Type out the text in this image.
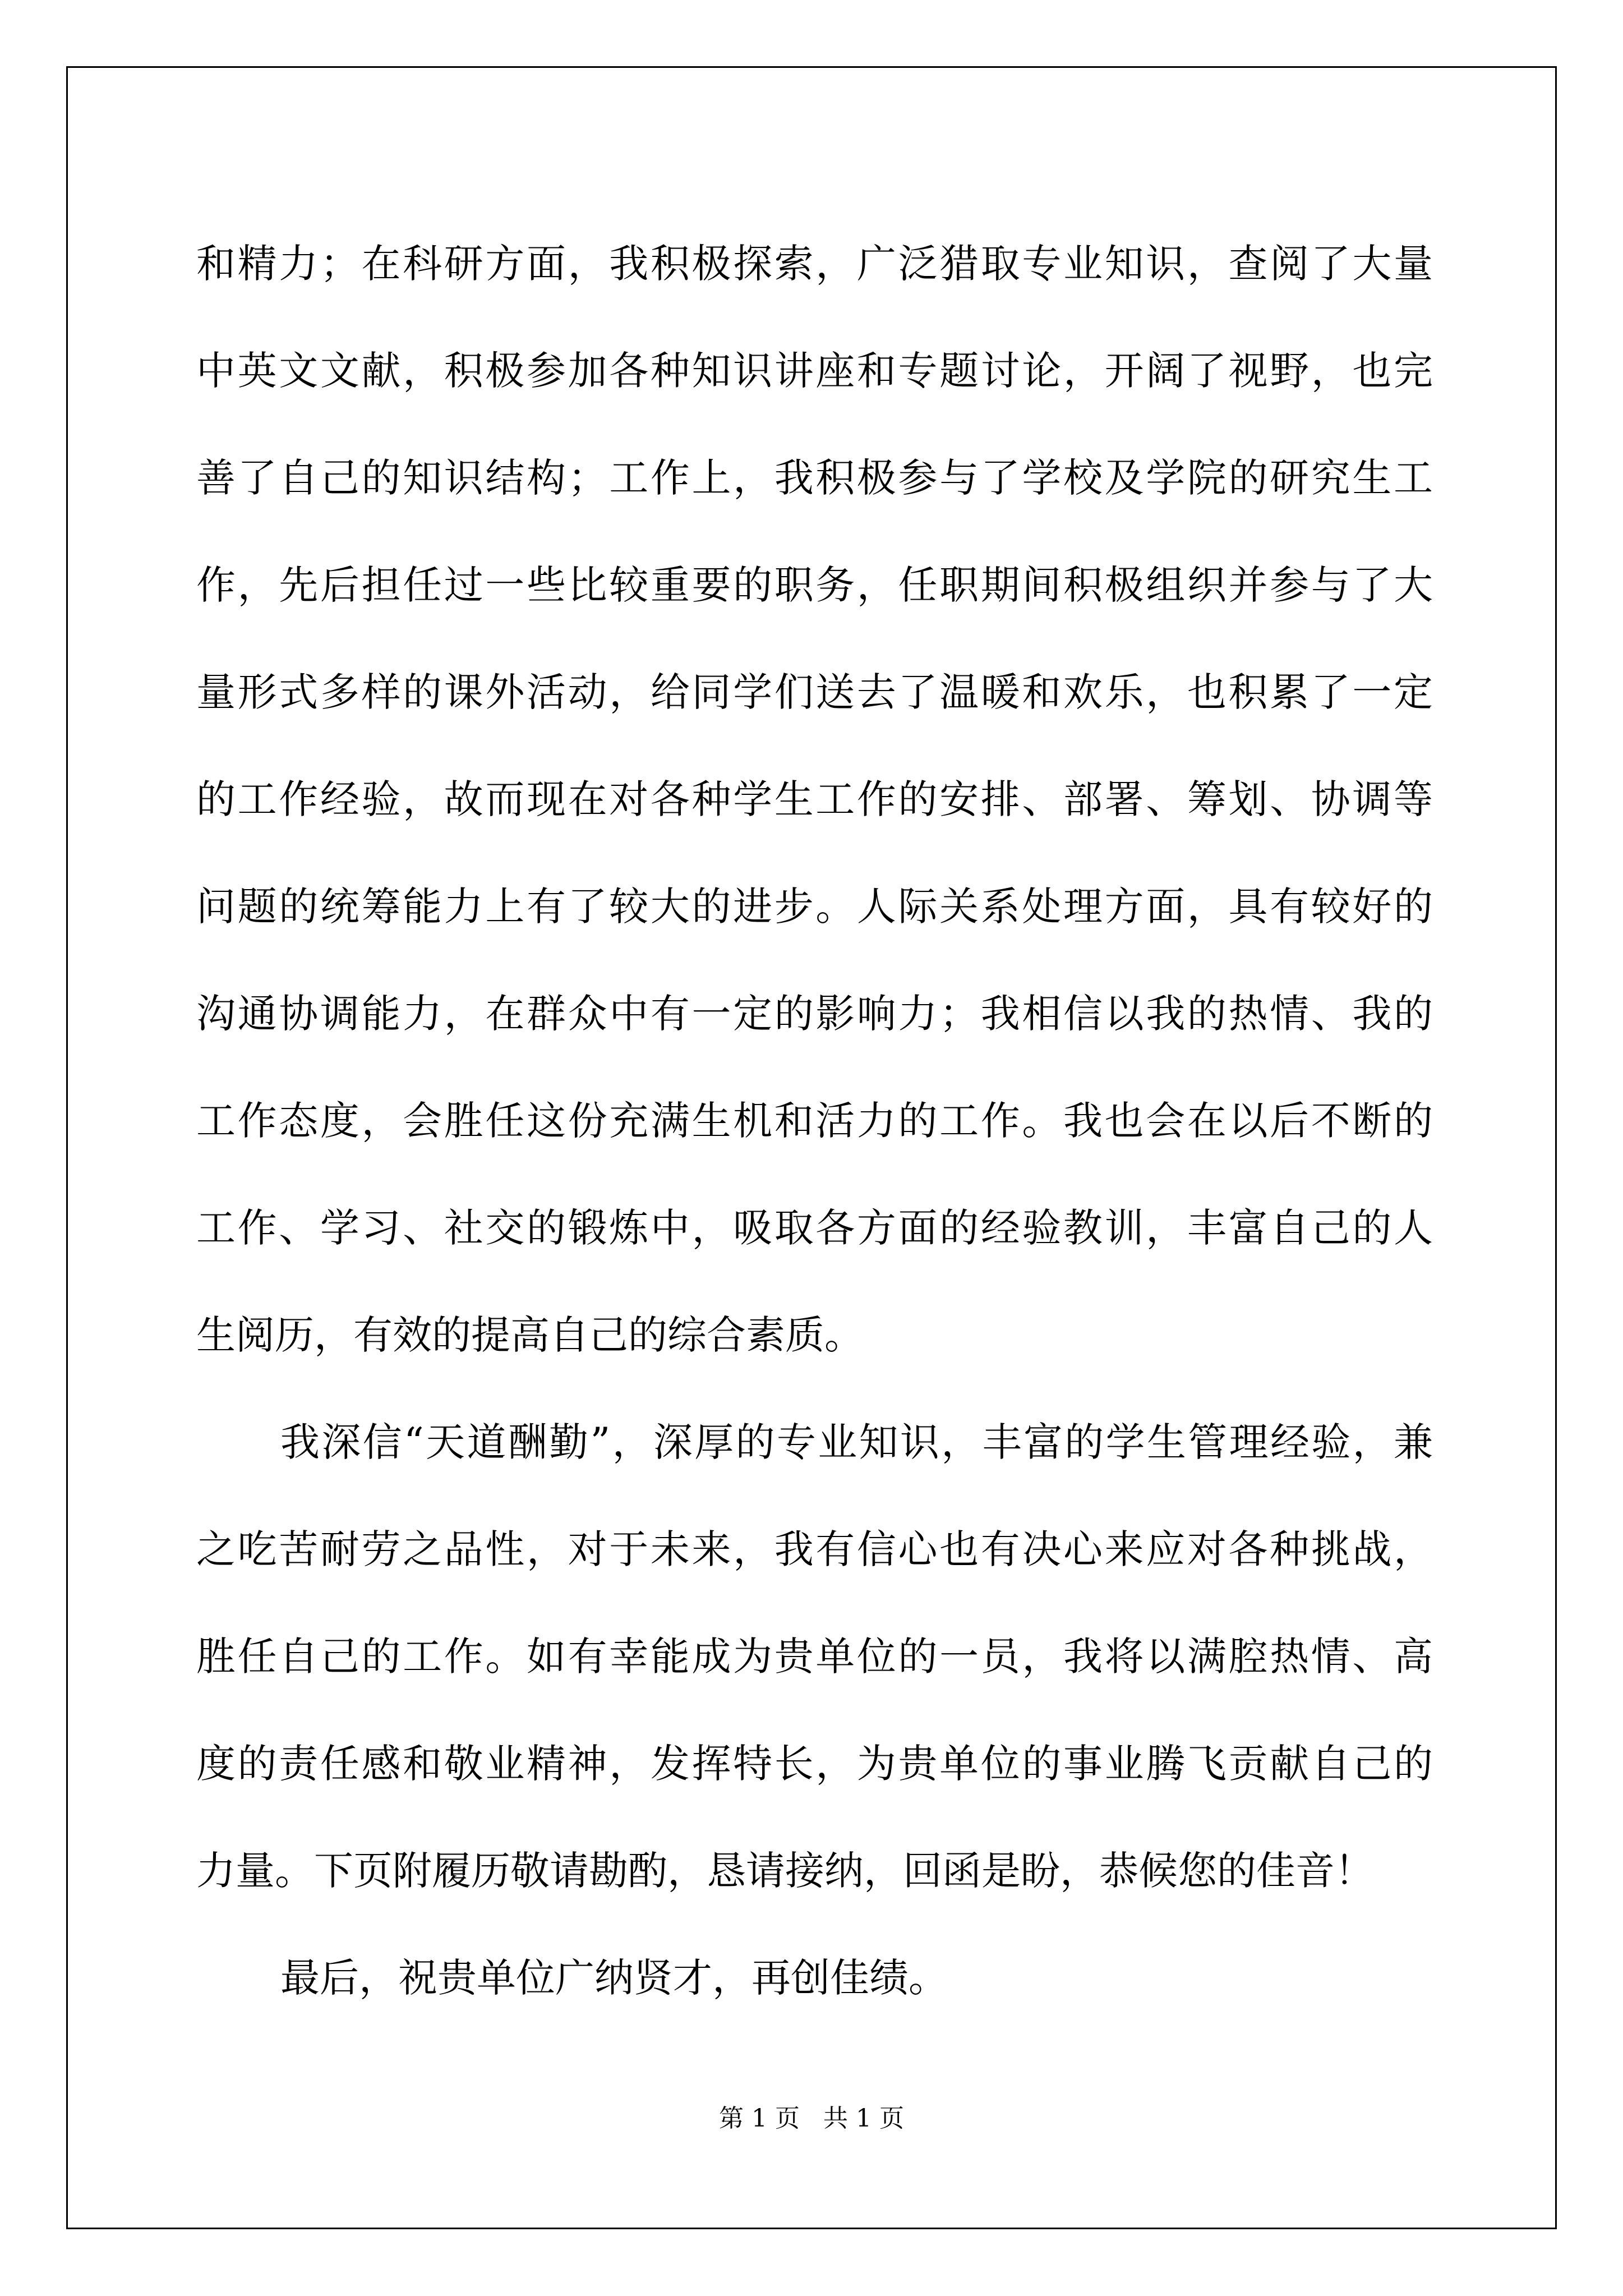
和精力；在科研方面，我积极探索，广泛猎取专业知识，查阅了大量
中英文文献，积极参加各种知识讲座和专题讨论，开阔了视野，也完
善了自己的知识结构；工作上，我积极参与了学校及学院的研究生工
作，先后担任过一些比较重要的职务，任职期间积极组织并参与了大
量形式多样的课外活动，给同学们送去了温暖和欢乐，也积累了一定
的工作经验，故而现在对各种学生工作的安排、部署、筹划、协调等
问题的统筹能力上有了较大的进步。人际关系处理方面，具有较好的
沟通协调能力，在群众中有一定的影响力；我相信以我的热情、我的
工作态度，会胜任这份充满生机和活力的工作。我也会在以后不断的
工作、学习、社交的锻炼中，吸取各方面的经验教训，丰富自己的人
生阅历，有效的提高自己的综合素质。
我深信“天道酬勤”，深厚的专业知识，丰富的学生管理经验，兼
之吃苦耐劳之品性，对于未来，我有信心也有决心来应对各种挑战，
胜任自己的工作。如有幸能成为贵单位的一员，我将以满腔热情、高
度的责任感和敬业精神，发挥特长，为贵单位的事业腾飞贡献自己的
力量。下页附履历敬请勘酌，恳请接纳，回函是盼，恭候您的佳音！
最后，祝贵单位广纳贤才，再创佳绩。
第 1 页   共 1 页
